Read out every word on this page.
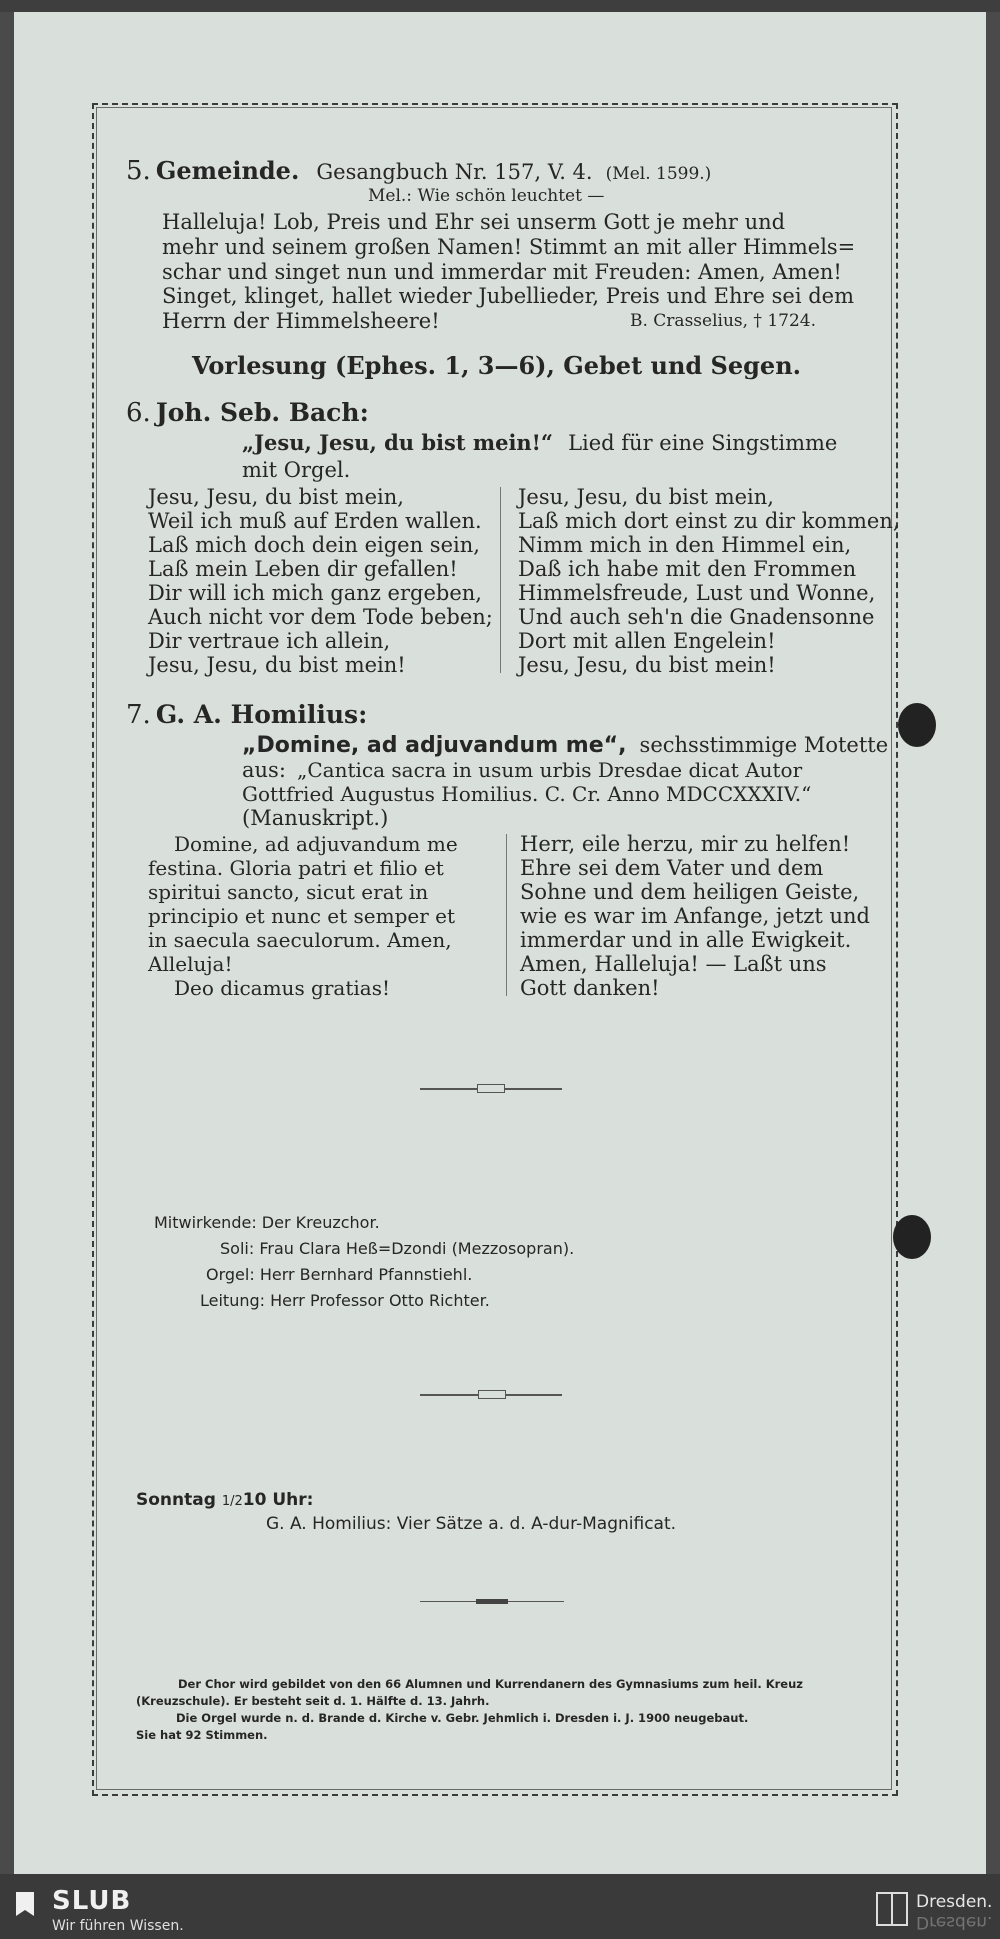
5. Gemeinde. Gesangbuch Nr. 157, V. 4. (Mel. 1599.)
Mel.: Wie schön leuchtet —
Halleluja! Lob, Preis und Ehr sei unserm Gott je mehr und
mehr und seinem großen Namen! Stimmt an mit aller Himmels=
schar und singet nun und immerdar mit Freuden: Amen, Amen!
Singet, klinget, hallet wieder Jubellieder, Preis und Ehre sei dem
Herrn der Himmelsheere!	B. Crasselius, † 1724.
Vorlesung (Ephes. 1, 3—6), Gebet und Segen.
6. Joh. Seb. Bach:
„Jesu, Jesu, du bist mein!“ Lied für eine Singstimme
mit Orgel.
Jesu, Jesu, du bist mein,
Weil ich muß auf Erden wallen.
Laß mich doch dein eigen sein,
Laß mein Leben dir gefallen!
Dir will ich mich ganz ergeben,
Auch nicht vor dem Tode beben;
Dir vertraue ich allein,
Jesu, Jesu, du bist mein!
Jesu, Jesu, du bist mein,
Laß mich dort einst zu dir kommen,
Nimm mich in den Himmel ein,
Daß ich habe mit den Frommen
Himmelsfreude, Lust und Wonne,
Und auch seh'n die Gnadensonne
Dort mit allen Engelein!
Jesu, Jesu, du bist mein!
7. G. A. Homilius:
„Domine, ad adjuvandum me“, sechsstimmige Motette
aus: „Cantica sacra in usum urbis Dresdae dicat Autor
Gottfried Augustus Homilius. C. Cr. Anno MDCCXXXIV.“
(Manuskript.)
Domine, ad adjuvandum me
festina. Gloria patri et filio et
spiritui sancto, sicut erat in
principio et nunc et semper et
in saecula saeculorum. Amen,
Alleluja!
Deo dicamus gratias!
Herr, eile herzu, mir zu helfen!
Ehre sei dem Vater und dem
Sohne und dem heiligen Geiste,
wie es war im Anfange, jetzt und
immerdar und in alle Ewigkeit.
Amen, Halleluja! — Laßt uns
Gott danken!
Mitwirkende: Der Kreuzchor.
Soli: Frau Clara Heß=Dzondi (Mezzosopran).
Orgel: Herr Bernhard Pfannstiehl.
Leitung: Herr Professor Otto Richter.
Sonntag 1/210 Uhr:
G. A. Homilius: Vier Sätze a. d. A-dur-Magnificat.
Der Chor wird gebildet von den 66 Alumnen und Kurrendanern des Gymnasiums zum heil. Kreuz
(Kreuzschule). Er besteht seit d. 1. Hälfte d. 13. Jahrh.
Die Orgel wurde n. d. Brande d. Kirche v. Gebr. Jehmlich i. Dresden i. J. 1900 neugebaut.
Sie hat 92 Stimmen.
SLUB
Wir führen Wissen.
Dresden.
Dresden.
